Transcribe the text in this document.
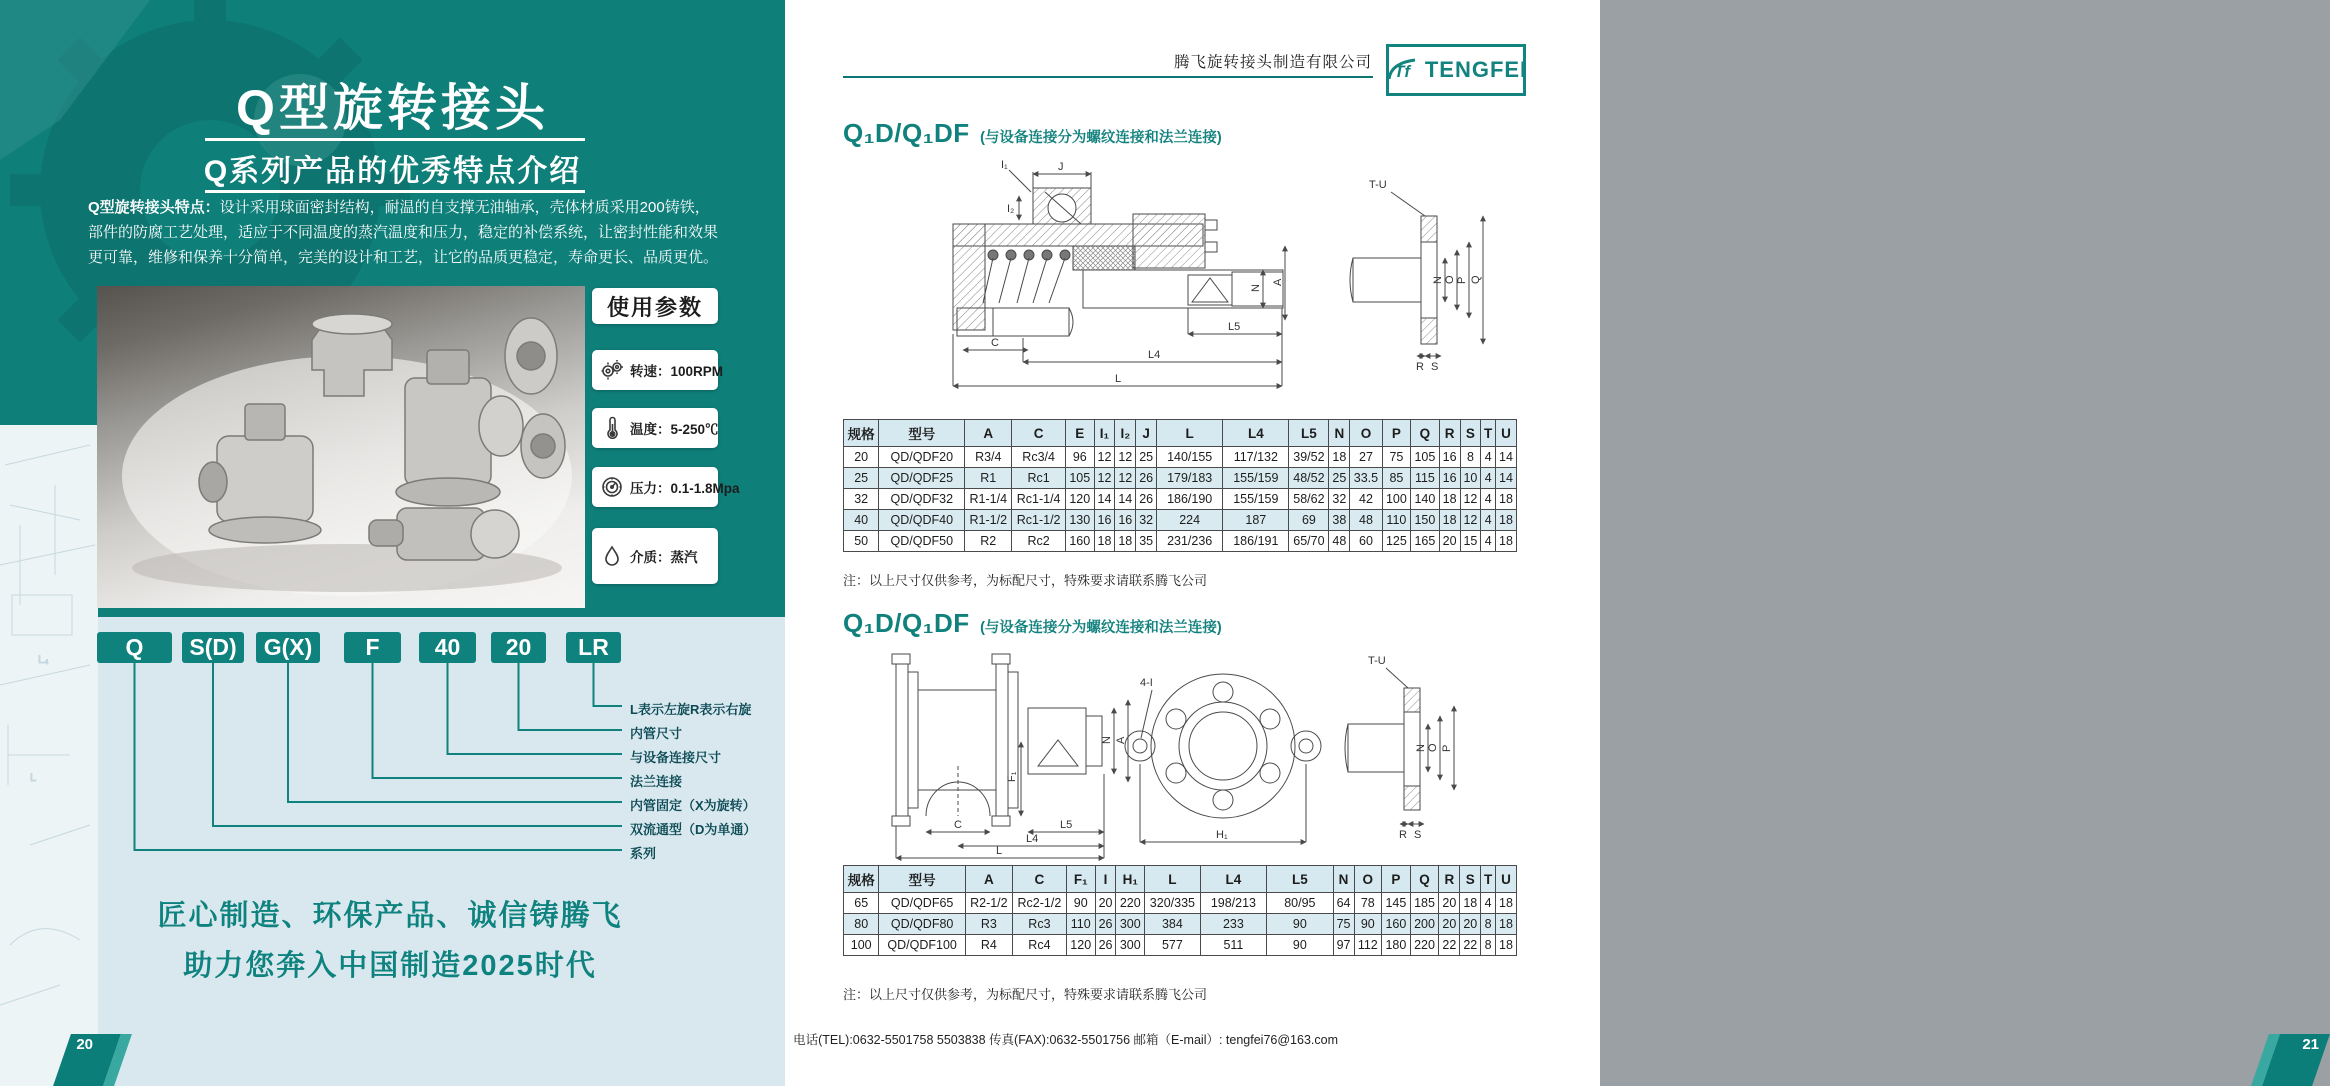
L₄
L
Q型旋转接头
Q系列产品的优秀特点介绍
Q型旋转接头特点：设计采用球面密封结构，耐温的自支撑无油轴承，壳体材质采用200铸铁，部件的防腐工艺处理，适应于不同温度的蒸汽温度和压力，稳定的补偿系统，让密封性能和效果更可靠，维修和保养十分简单，完美的设计和工艺，让它的品质更稳定，寿命更长、品质更优。
使用参数
转速：100RPM
温度：5-250℃
压力：0.1-1.8Mpa
介质：蒸汽
Q	S(D)	G(X)	F	40	20	LR
L表示左旋R表示右旋
内管尺寸
与设备连接尺寸
法兰连接
内管固定（X为旋转）
双流通型（D为单通）
系列
匠心制造、环保产品、诚信铸腾飞
助力您奔入中国制造2025时代
20
腾飞旋转接头制造有限公司 Tf TENGFEI
Q₁D/Q₁DF (与设备连接分为螺纹连接和法兰连接)
J
I₁
I₂
N
A
C
L5
L4
L
T-U
N O P Q
R S
规格	型号	A	C	E	I₁	I₂	J	L	L4	L5	N	O	P	Q	R	S	T	U
20	QD/QDF20	R3/4	Rc3/4	96	12	12	25	140/155	117/132	39/52	18	27	75	105	16	8	4	14
25	QD/QDF25	R1	Rc1	105	12	12	26	179/183	155/159	48/52	25	33.5	85	115	16	10	4	14
32	QD/QDF32	R1-1/4	Rc1-1/4	120	14	14	26	186/190	155/159	58/62	32	42	100	140	18	12	4	18
40	QD/QDF40	R1-1/2	Rc1-1/2	130	16	16	32	224	187	69	38	48	110	150	18	12	4	18
50	QD/QDF50	R2	Rc2	160	18	18	35	231/236	186/191	65/70	48	60	125	165	20	15	4	18
注：以上尺寸仅供参考，为标配尺寸，特殊要求请联系腾飞公司
Q₁D/Q₁DF (与设备连接分为螺纹连接和法兰连接)
F₁
N A
C	L5
L4
L
4-I
H₁
T-U
N O P
R S
规格	型号	A	C	F₁	I	H₁	L	L4	L5	N	O	P	Q	R	S	T	U
65	QD/QDF65	R2-1/2	Rc2-1/2	90	20	220	320/335	198/213	80/95	64	78	145	185	20	18	4	18
80	QD/QDF80	R3	Rc3	110	26	300	384	233	90	75	90	160	200	20	20	8	18
100	QD/QDF100	R4	Rc4	120	26	300	577	511	90	97	112	180	220	22	22	8	18
注：以上尺寸仅供参考，为标配尺寸，特殊要求请联系腾飞公司
电话(TEL):0632-5501758 5503838 传真(FAX):0632-5501756 邮箱（E-mail）: tengfei76@163.com	21
